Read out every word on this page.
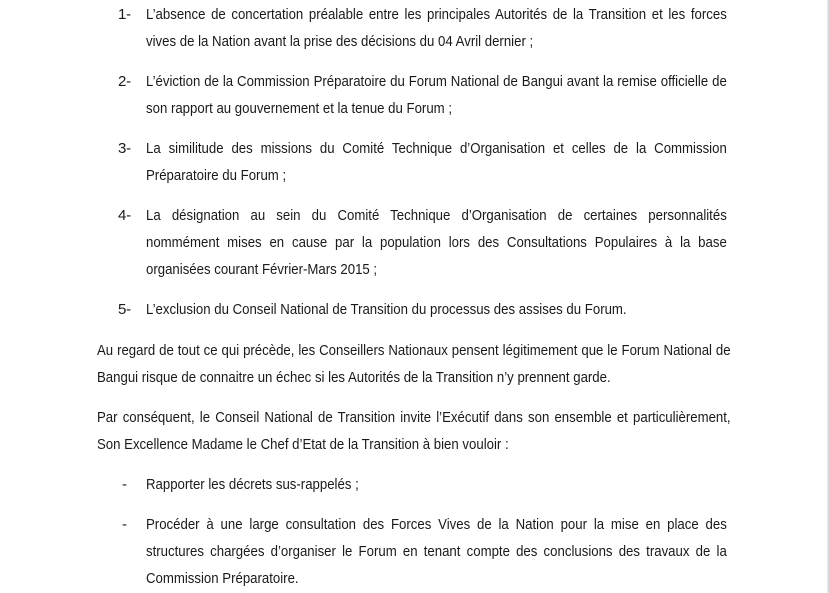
1- L’absence de concertation préalable entre les principales Autorités de la Transition et les forces vives de la Nation avant la prise des décisions du 04 Avril dernier ;
2- L’éviction de la Commission Préparatoire du Forum National de Bangui avant la remise officielle de son rapport au gouvernement et la tenue du Forum ;
3- La similitude des missions du Comité Technique d’Organisation et celles de la Commission Préparatoire du Forum ;
4- La désignation au sein du Comité Technique d’Organisation de certaines personnalités nommément mises en cause par la population lors des Consultations Populaires à la base organisées courant Février-Mars 2015 ;
5- L’exclusion du Conseil National de Transition du processus des assises du Forum.
Au regard de tout ce qui précède, les Conseillers Nationaux pensent légitimement que le Forum National de Bangui risque de connaitre un échec si les Autorités de la Transition n’y prennent garde.
Par conséquent, le Conseil National de Transition invite l’Exécutif dans son ensemble et particulièrement, Son Excellence Madame le Chef d’Etat de la Transition à bien vouloir :
- Rapporter les décrets sus-rappelés ;
- Procéder à une large consultation des Forces Vives de la Nation pour la mise en place des structures chargées d’organiser le Forum en tenant compte des conclusions des travaux de la Commission Préparatoire.
